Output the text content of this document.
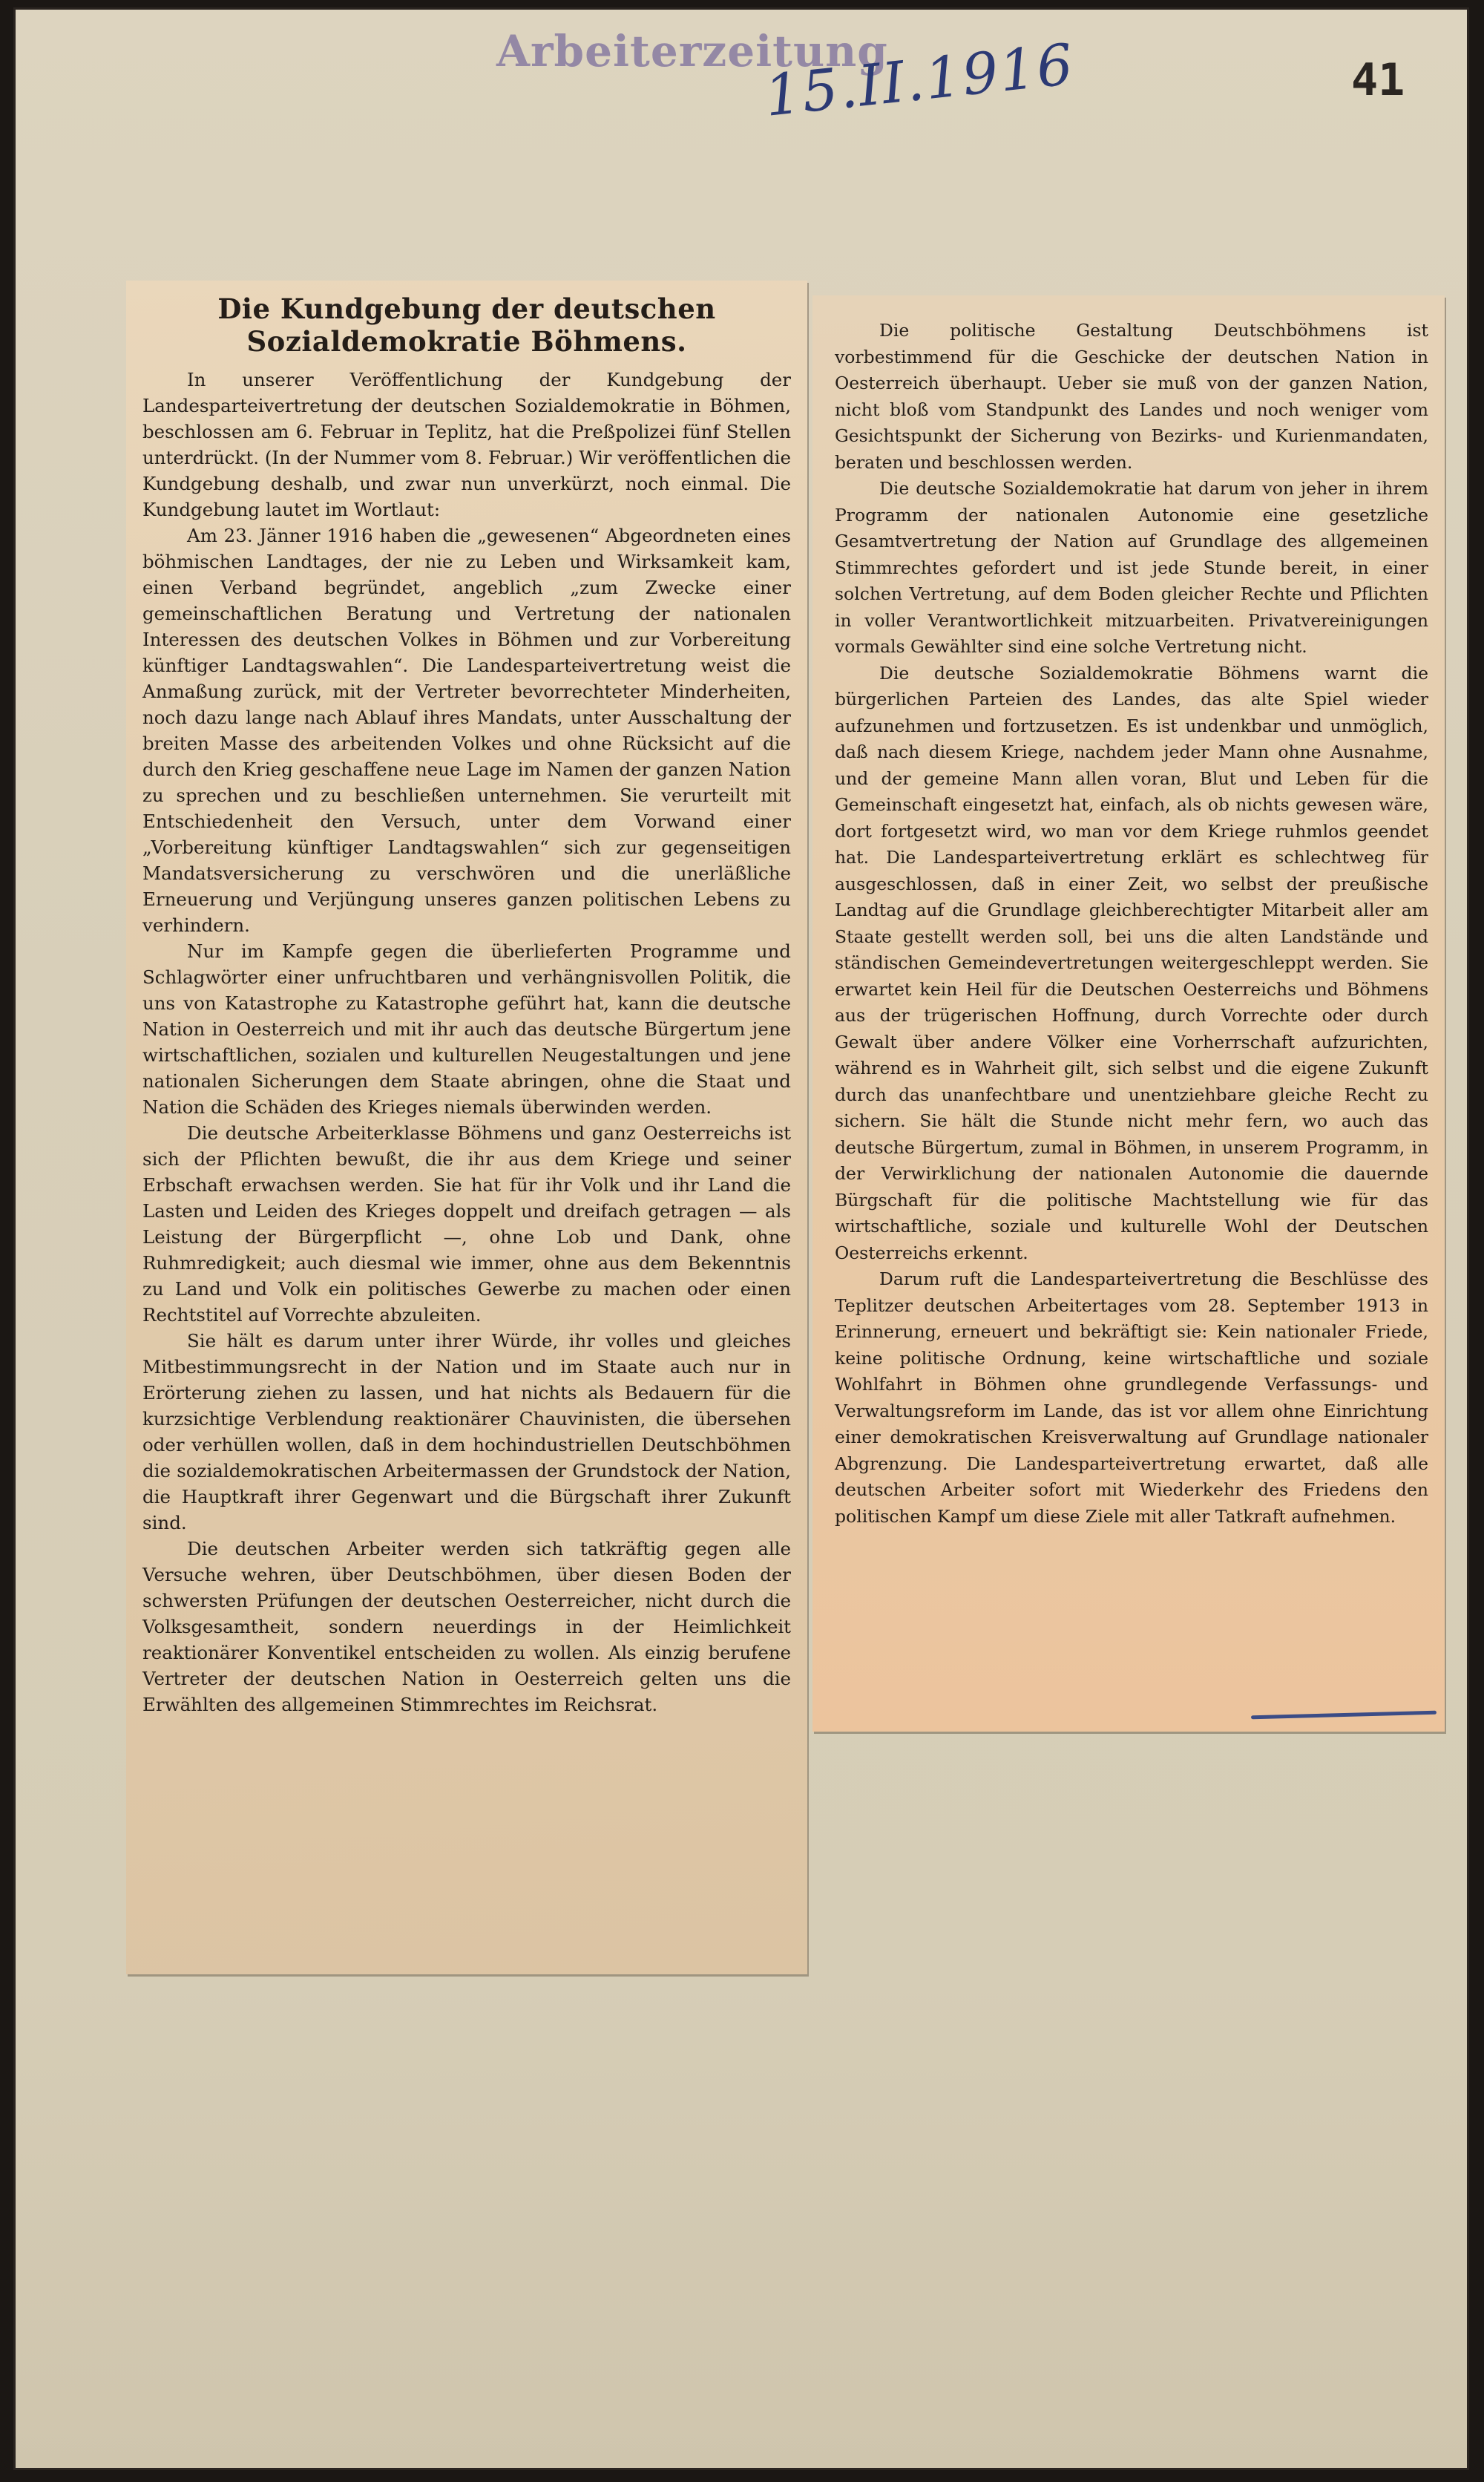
Arbeiterzeitung
15.II.1916	41
Die Kundgebung der deutschen Sozialdemokratie Böhmens.

In unserer Veröffentlichung der Kundgebung der Landesparteivertretung der deutschen Sozialdemokratie in Böhmen, beschlossen am 6. Februar in Teplitz, hat die Preßpolizei fünf Stellen unterdrückt. (In der Nummer vom 8. Februar.) Wir veröffentlichen die Kundgebung deshalb, und zwar nun unverkürzt, noch einmal. Die Kundgebung lautet im Wortlaut:

Am 23. Jänner 1916 haben die „gewesenen“ Abgeordneten eines böhmischen Landtages, der nie zu Leben und Wirksamkeit kam, einen Verband begründet, angeblich „zum Zwecke einer gemeinschaftlichen Beratung und Vertretung der nationalen Interessen des deutschen Volkes in Böhmen und zur Vorbereitung künftiger Landtagswahlen“. Die Landesparteivertretung weist die Anmaßung zurück, mit der Vertreter bevorrechteter Minderheiten, noch dazu lange nach Ablauf ihres Mandats, unter Ausschaltung der breiten Masse des arbeitenden Volkes und ohne Rücksicht auf die durch den Krieg geschaffene neue Lage im Namen der ganzen Nation zu sprechen und zu beschließen unternehmen. Sie verurteilt mit Entschiedenheit den Versuch, unter dem Vorwand einer „Vorbereitung künftiger Landtagswahlen“ sich zur gegenseitigen Mandatsversicherung zu verschwören und die unerläßliche Erneuerung und Verjüngung unseres ganzen politischen Lebens zu verhindern.

Nur im Kampfe gegen die überlieferten Programme und Schlagwörter einer unfruchtbaren und verhängnisvollen Politik, die uns von Katastrophe zu Katastrophe geführt hat, kann die deutsche Nation in Oesterreich und mit ihr auch das deutsche Bürgertum jene wirtschaftlichen, sozialen und kulturellen Neugestaltungen und jene nationalen Sicherungen dem Staate abringen, ohne die Staat und Nation die Schäden des Krieges niemals überwinden werden.

Die deutsche Arbeiterklasse Böhmens und ganz Oesterreichs ist sich der Pflichten bewußt, die ihr aus dem Kriege und seiner Erbschaft erwachsen werden. Sie hat für ihr Volk und ihr Land die Lasten und Leiden des Krieges doppelt und dreifach getragen — als Leistung der Bürgerpflicht —, ohne Lob und Dank, ohne Ruhmredigkeit; auch diesmal wie immer, ohne aus dem Bekenntnis zu Land und Volk ein politisches Gewerbe zu machen oder einen Rechtstitel auf Vorrechte abzuleiten.

Sie hält es darum unter ihrer Würde, ihr volles und gleiches Mitbestimmungsrecht in der Nation und im Staate auch nur in Erörterung ziehen zu lassen, und hat nichts als Bedauern für die kurzsichtige Verblendung reaktionärer Chauvinisten, die übersehen oder verhüllen wollen, daß in dem hochindustriellen Deutschböhmen die sozialdemokratischen Arbeitermassen der Grundstock der Nation, die Hauptkraft ihrer Gegenwart und die Bürgschaft ihrer Zukunft sind.

Die deutschen Arbeiter werden sich tatkräftig gegen alle Versuche wehren, über Deutschböhmen, über diesen Boden der schwersten Prüfungen der deutschen Oesterreicher, nicht durch die Volksgesamtheit, sondern neuerdings in der Heimlichkeit reaktionärer Konventikel entscheiden zu wollen. Als einzig berufene Vertreter der deutschen Nation in Oesterreich gelten uns die Erwählten des allgemeinen Stimmrechtes im Reichsrat.

Die politische Gestaltung Deutschböhmens ist vorbestimmend für die Geschicke der deutschen Nation in Oesterreich überhaupt. Ueber sie muß von der ganzen Nation, nicht bloß vom Standpunkt des Landes und noch weniger vom Gesichtspunkt der Sicherung von Bezirks- und Kurienmandaten, beraten und beschlossen werden.

Die deutsche Sozialdemokratie hat darum von jeher in ihrem Programm der nationalen Autonomie eine gesetzliche Gesamtvertretung der Nation auf Grundlage des allgemeinen Stimmrechtes gefordert und ist jede Stunde bereit, in einer solchen Vertretung, auf dem Boden gleicher Rechte und Pflichten in voller Verantwortlichkeit mitzuarbeiten. Privatvereinigungen vormals Gewählter sind eine solche Vertretung nicht.

Die deutsche Sozialdemokratie Böhmens warnt die bürgerlichen Parteien des Landes, das alte Spiel wieder aufzunehmen und fortzusetzen. Es ist undenkbar und unmöglich, daß nach diesem Kriege, nachdem jeder Mann ohne Ausnahme, und der gemeine Mann allen voran, Blut und Leben für die Gemeinschaft eingesetzt hat, einfach, als ob nichts gewesen wäre, dort fortgesetzt wird, wo man vor dem Kriege ruhmlos geendet hat. Die Landesparteivertretung erklärt es schlechtweg für ausgeschlossen, daß in einer Zeit, wo selbst der preußische Landtag auf die Grundlage gleichberechtigter Mitarbeit aller am Staate gestellt werden soll, bei uns die alten Landstände und ständischen Gemeindevertretungen weitergeschleppt werden. Sie erwartet kein Heil für die Deutschen Oesterreichs und Böhmens aus der trügerischen Hoffnung, durch Vorrechte oder durch Gewalt über andere Völker eine Vorherrschaft aufzurichten, während es in Wahrheit gilt, sich selbst und die eigene Zukunft durch das unanfechtbare und unentziehbare gleiche Recht zu sichern. Sie hält die Stunde nicht mehr fern, wo auch das deutsche Bürgertum, zumal in Böhmen, in unserem Programm, in der Verwirklichung der nationalen Autonomie die dauernde Bürgschaft für die politische Machtstellung wie für das wirtschaftliche, soziale und kulturelle Wohl der Deutschen Oesterreichs erkennt.

Darum ruft die Landesparteivertretung die Beschlüsse des Teplitzer deutschen Arbeitertages vom 28. September 1913 in Erinnerung, erneuert und bekräftigt sie: Kein nationaler Friede, keine politische Ordnung, keine wirtschaftliche und soziale Wohlfahrt in Böhmen ohne grundlegende Verfassungs- und Verwaltungsreform im Lande, das ist vor allem ohne Einrichtung einer demokratischen Kreisverwaltung auf Grundlage nationaler Abgrenzung. Die Landesparteivertretung erwartet, daß alle deutschen Arbeiter sofort mit Wiederkehr des Friedens den politischen Kampf um diese Ziele mit aller Tatkraft aufnehmen.
